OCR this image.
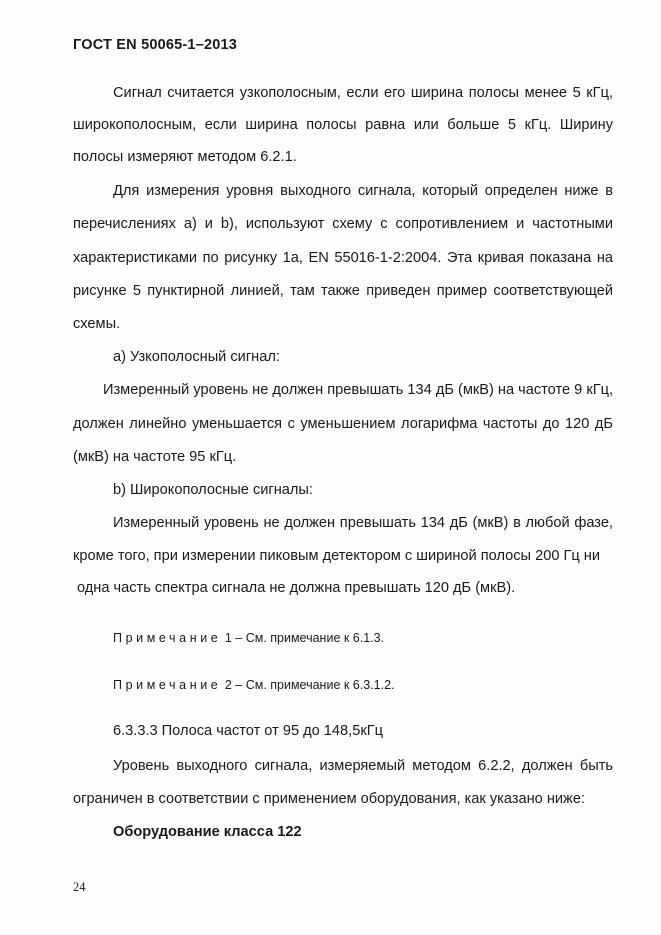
ГОСТ EN 50065-1–2013
Сигнал считается узкополосным, если его ширина полосы менее 5 кГц,
широкополосным, если ширина полосы равна или больше 5 кГц. Ширину
полосы измеряют методом 6.2.1.
Для измерения уровня выходного сигнала, который определен ниже в
перечисленияx a) и b), используют схему с сопротивлением и частотными
характеристиками по рисунку 1а, EN 55016-1-2:2004. Эта кривая показана на
рисунке 5 пунктирной линией, там также приведен пример соответствующей
схемы.
a) Узкополосный сигнал:
Измеренный уровень не должен превышать 134 дБ (мкВ) на частоте 9 кГц,
должен линейно уменьшается с уменьшением логарифма частоты до 120 дБ
(мкВ) на частоте 95 кГц.
b) Широкополосные сигналы:
Измеренный уровень не должен превышать 134 дБ (мкВ) в любой фазе,
кроме того, при измерении пиковым детектором с шириной полосы 200 Гц ни
одна часть спектра сигнала не должна превышать 120 дБ (мкВ).
Примечание 1 – См. примечание к 6.1.3.
Примечание 2 – См. примечание к 6.3.1.2.
6.3.3.3 Полоса частот от 95 до 148,5кГц
Уровень выходного сигнала, измеряемый методом 6.2.2, должен быть
ограничен в соответствии с применением оборудования, как указано ниже:
Оборудование класса 122
24
